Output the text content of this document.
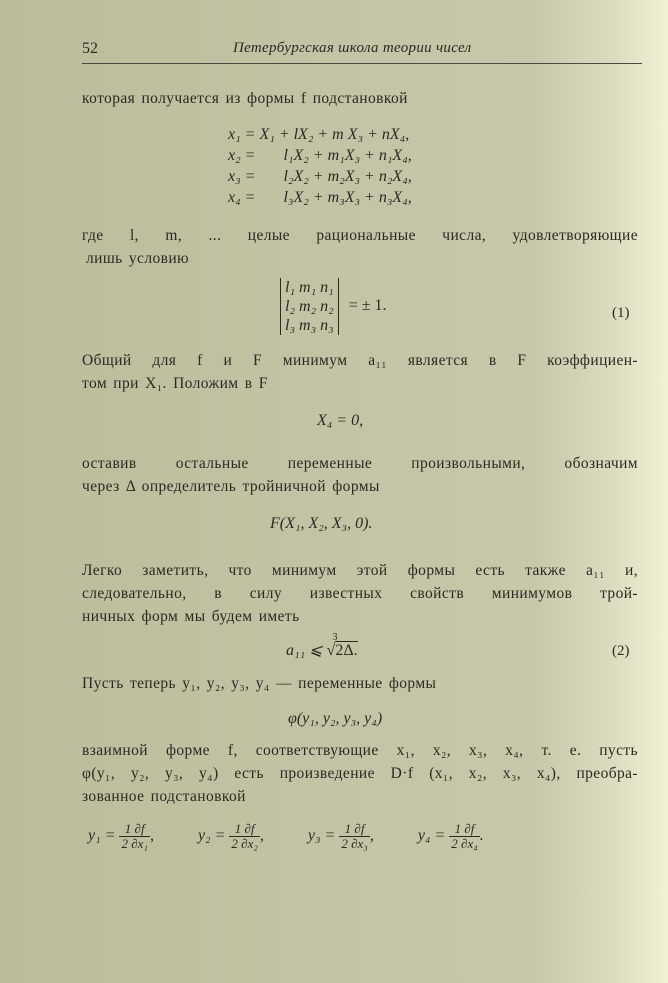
52	Петербургская школа теории чисел
которая получается из формы f подстановкой
x₁ = X₁ + lX₂ + m X₃ + nX₄,
x₂ =       l₁X₂ + m₁X₃ + n₁X₄,
x₃ =       l₂X₂ + m₂X₃ + n₂X₄,
x₄ =       l₃X₂ + m₃X₃ + n₃X₄,
где l, m, ... целые рациональные числа, удовлетворяющие
лишь условию
l₁ m₁ n₁
l₂ m₂ n₂
l₃ m₃ n₃
= ± 1.	(1)
Общий для f и F минимум a₁₁ является в F коэффициен-
том при X₁. Положим в F
X₄ = 0,
оставив остальные переменные произвольными, обозначим
через Δ определитель тройничной формы
F(X₁, X₂, X₃, 0).
Легко заметить, что минимум этой формы есть также a₁₁ и,
следовательно, в силу известных свойств минимумов трой-
ничных форм мы будем иметь
a₁₁ ⩽
3
√2Δ.	(2)
Пусть теперь y₁, y₂, y₃, y₄ — переменные формы
φ(y₁, y₂, y₃, y₄)
взаимной форме f, соответствующие x₁, x₂, x₃, x₄, т. е. пусть
φ(y₁, y₂, y₃, y₄) есть произведение D·f (x₁, x₂, x₃, x₄), преобра-
зованное подстановкой
$y_1 = \frac{1 \partial f}{\text{2 ∂x₁}}$ ,	$y_2 = \frac{1 \partial f}{\text{2 ∂x₂}}$ ,	$y_3 = \frac{1 \partial f}{\text{2 ∂x₃}}$ ,	$y_4 = \frac{1 \partial f}{\text{2 ∂x₄}}$ .
